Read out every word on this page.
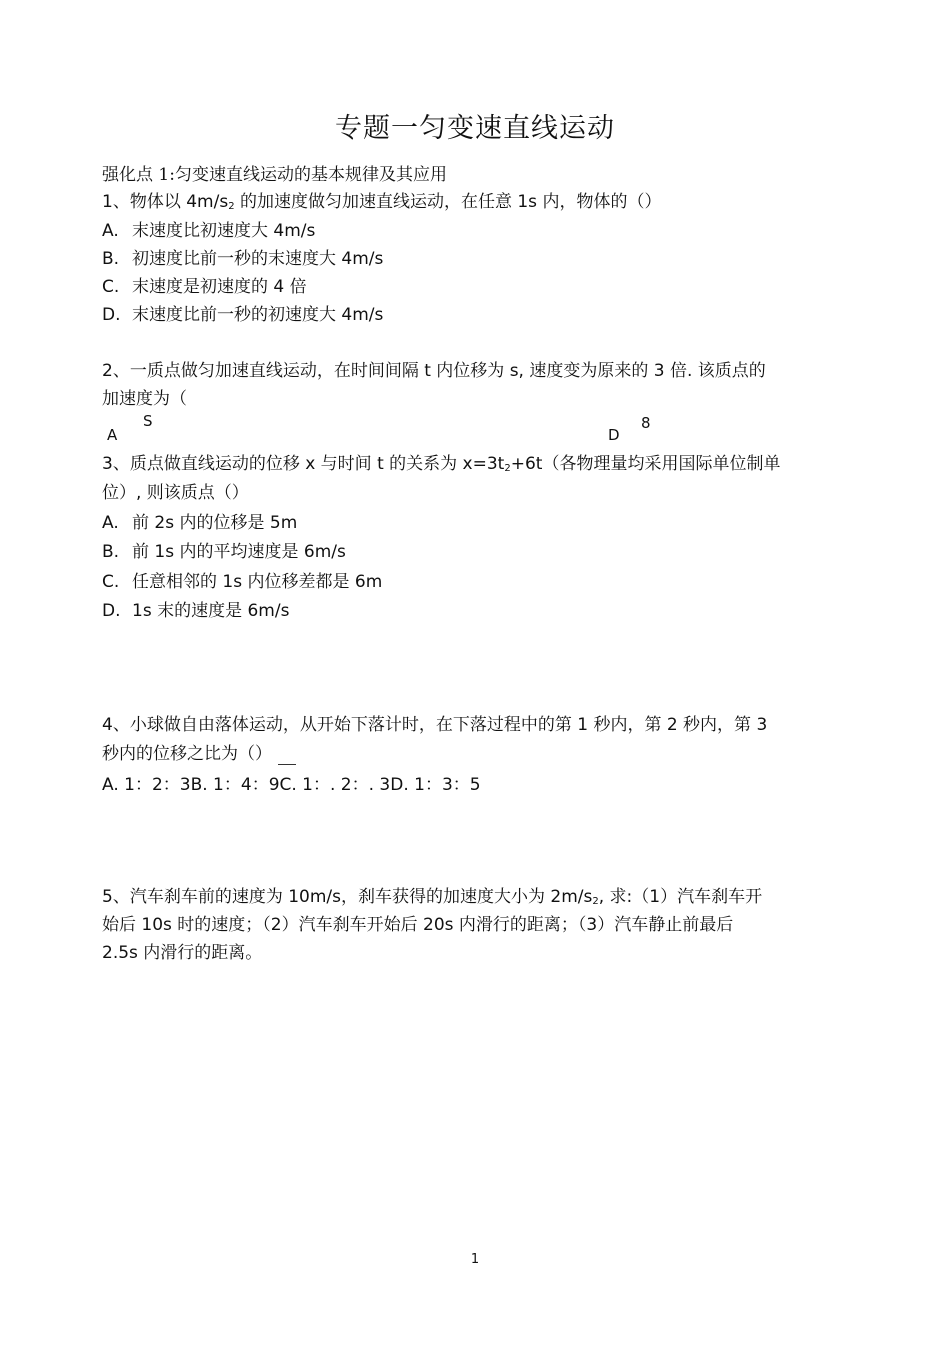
专题一匀变速直线运动
强化点 1:匀变速直线运动的基本规律及其应用
1、物体以 $4m/s_2$ 的加速度做匀加速直线运动，在任意 1s 内，物体的（）
A. 末速度比初速度大 4m/s
B. 初速度比前一秒的末速度大 4m/s
C. 末速度是初速度的 4 倍
D. 末速度比前一秒的初速度大 4m/s
2、一质点做匀加速直线运动，在时间间隔 t 内位移为 s, 速度变为原来的 3 倍. 该质点的
加速度为（
A
S
D
8
3、质点做直线运动的位移 x 与时间 t 的关系为 $x=3t_2+6t$（各物理量均采用国际单位制单
位）, 则该质点（）
A. 前 2s 内的位移是 5m
B. 前 1s 内的平均速度是 6m/s
C. 任意相邻的 1s 内位移差都是 6m
D. 1s 末的速度是 6m/s
4、小球做自由落体运动，从开始下落计时，在下落过程中的第 1 秒内，第 2 秒内，第 3
秒内的位移之比为（）
A. 1：2：3B. 1：4：9C. 1：. 2：. 3D. 1：3：5
5、汽车刹车前的速度为 10m/s，刹车获得的加速度大小为 $2m/s_2$, 求:（1）汽车刹车开
始后 10s 时的速度；（2）汽车刹车开始后 20s 内滑行的距离；（3）汽车静止前最后
2.5s 内滑行的距离。
1
